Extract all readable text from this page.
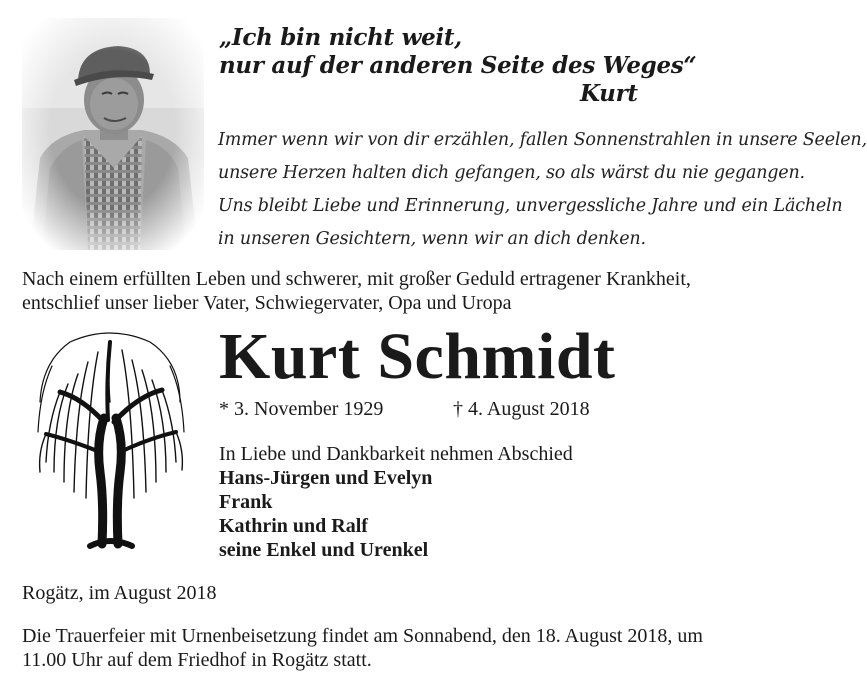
„Ich bin nicht weit,
nur auf der anderen Seite des Weges“
Kurt
Immer wenn wir von dir erzählen, fallen Sonnenstrahlen in unsere Seelen,
unsere Herzen halten dich gefangen, so als wärst du nie gegangen.
Uns bleibt Liebe und Erinnerung, unvergessliche Jahre und ein Lächeln
in unseren Gesichtern, wenn wir an dich denken.
Nach einem erfüllten Leben und schwerer, mit großer Geduld ertragener Krankheit,
entschlief unser lieber Vater, Schwiegervater, Opa und Uropa
Kurt Schmidt
* 3. November 1929	† 4. August 2018
In Liebe und Dankbarkeit nehmen Abschied
Hans-Jürgen und Evelyn
Frank
Kathrin und Ralf
seine Enkel und Urenkel
Rogätz, im August 2018
Die Trauerfeier mit Urnenbeisetzung findet am Sonnabend, den 18. August 2018, um
11.00 Uhr auf dem Friedhof in Rogätz statt.
